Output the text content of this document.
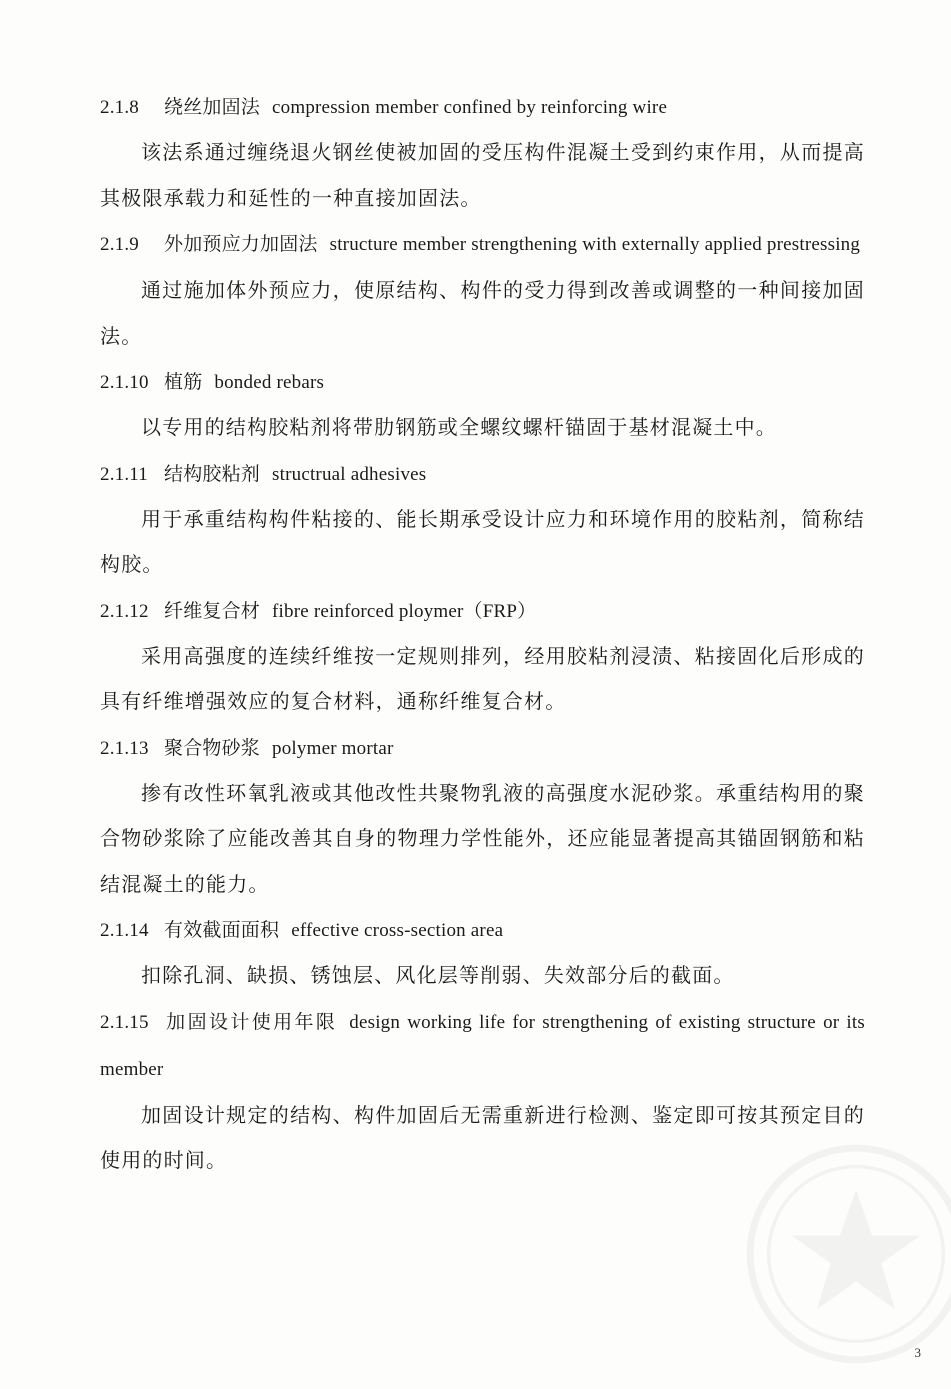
2.1.8 绕丝加固法 compression member confined by reinforcing wire
该法系通过缠绕退火钢丝使被加固的受压构件混凝土受到约束作用，从而提高其极限承载力和延性的一种直接加固法。
2.1.9 外加预应力加固法 structure member strengthening with externally applied prestressing
通过施加体外预应力，使原结构、构件的受力得到改善或调整的一种间接加固法。
2.1.10 植筋 bonded rebars
以专用的结构胶粘剂将带肋钢筋或全螺纹螺杆锚固于基材混凝土中。
2.1.11 结构胶粘剂 structrual adhesives
用于承重结构构件粘接的、能长期承受设计应力和环境作用的胶粘剂，简称结构胶。
2.1.12 纤维复合材 fibre reinforced ploymer（FRP）
采用高强度的连续纤维按一定规则排列，经用胶粘剂浸渍、粘接固化后形成的具有纤维增强效应的复合材料，通称纤维复合材。
2.1.13 聚合物砂浆 polymer mortar
掺有改性环氧乳液或其他改性共聚物乳液的高强度水泥砂浆。承重结构用的聚合物砂浆除了应能改善其自身的物理力学性能外，还应能显著提高其锚固钢筋和粘结混凝土的能力。
2.1.14 有效截面面积 effective cross-section area
扣除孔洞、缺损、锈蚀层、风化层等削弱、失效部分后的截面。
2.1.15 加固设计使用年限 design working life for strengthening of existing structure or its member
加固设计规定的结构、构件加固后无需重新进行检测、鉴定即可按其预定目的使用的时间。
3
